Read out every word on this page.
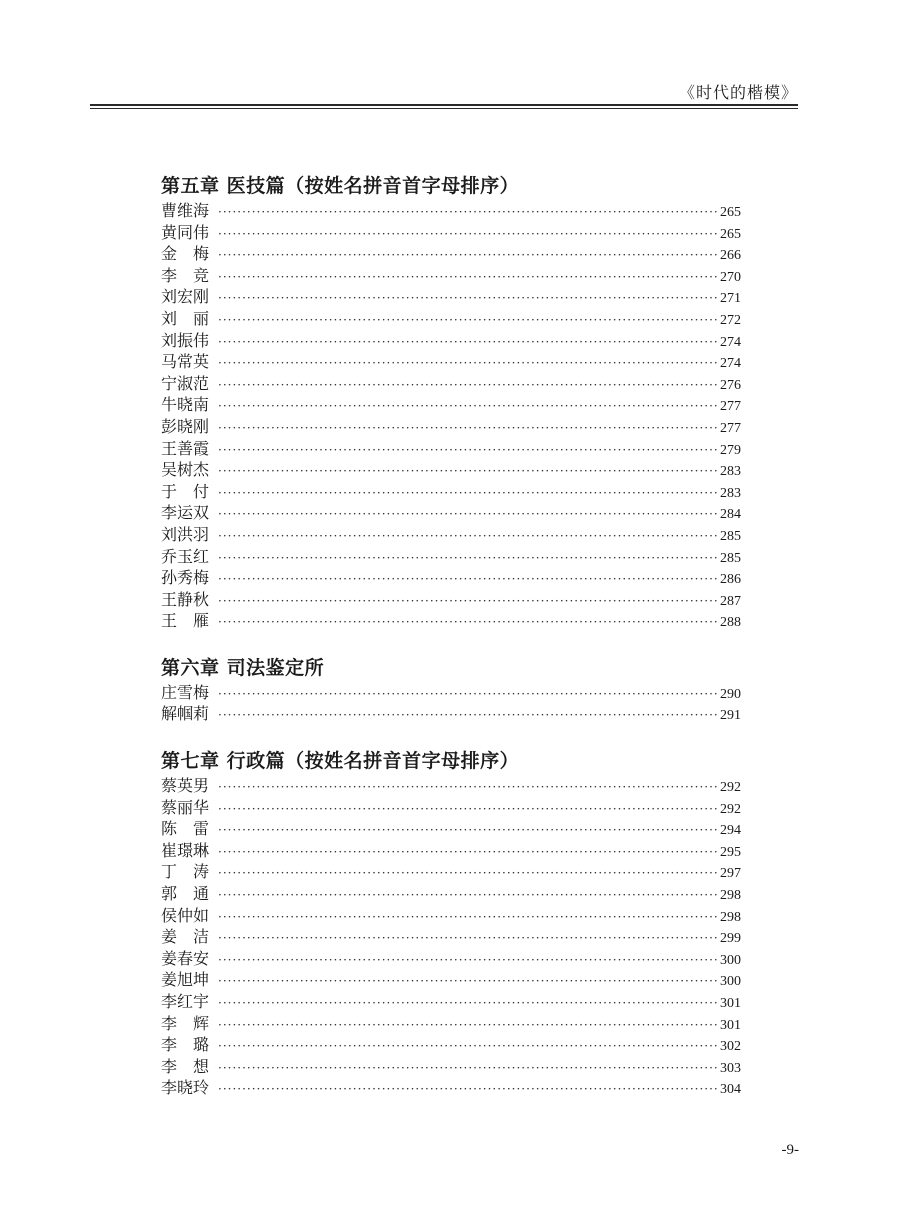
《时代的楷模》
第五章 医技篇（按姓名拼音首字母排序）
曹维海 ·····	265
黄同伟 ·····	265
金　梅 ·····	266
李　竞 ·····	270
刘宏刚 ·····	271
刘　丽 ·····	272
刘振伟 ·····	274
马常英 ·····	274
宁淑范 ·····	276
牛晓南 ·····	277
彭晓刚 ·····	277
王善霞 ·····	279
吴树杰 ·····	283
于　付 ·····	283
李运双 ·····	284
刘洪羽 ·····	285
乔玉红 ·····	285
孙秀梅 ·····	286
王静秋 ·····	287
王　雁 ·····	288
第六章 司法鉴定所
庄雪梅 ·····	290
解帼莉 ·····	291
第七章 行政篇（按姓名拼音首字母排序）
蔡英男 ·····	292
蔡丽华 ·····	292
陈　雷 ·····	294
崔璟琳 ·····	295
丁　涛 ·····	297
郭　通 ·····	298
侯仲如 ·····	298
姜　洁 ·····	299
姜春安 ·····	300
姜旭坤 ·····	300
李红宇 ·····	301
李　辉 ·····	301
李　璐 ·····	302
李　想 ·····	303
李晓玲 ·····	304
-9-
